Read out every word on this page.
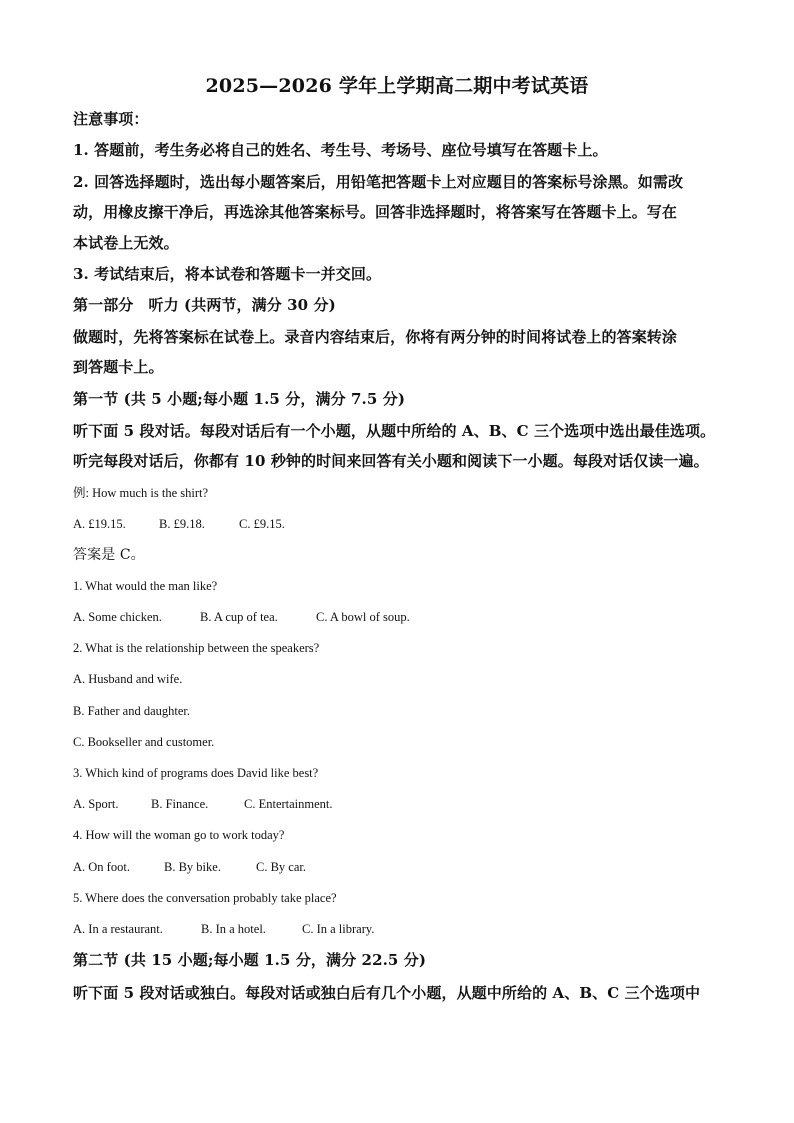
2025—2026 学年上学期高二期中考试英语
注意事项：
1. 答题前，考生务必将自己的姓名、考生号、考场号、座位号填写在答题卡上。
2. 回答选择题时，选出每小题答案后，用铅笔把答题卡上对应题目的答案标号涂黑。如需改
动，用橡皮擦干净后，再选涂其他答案标号。回答非选择题时，将答案写在答题卡上。写在
本试卷上无效。
3. 考试结束后，将本试卷和答题卡一并交回。
第一部分　听力 (共两节，满分 30 分)
做题时，先将答案标在试卷上。录音内容结束后，你将有两分钟的时间将试卷上的答案转涂
到答题卡上。
第一节 (共 5 小题;每小题 1.5 分，满分 7.5 分)
听下面 5 段对话。每段对话后有一个小题，从题中所给的 A、B、C 三个选项中选出最佳选项。
听完每段对话后，你都有 10 秒钟的时间来回答有关小题和阅读下一小题。每段对话仅读一遍。
例: How much is the shirt?
A. £19.15.	B. £9.18.	C. £9.15.
答案是 C。
1. What would the man like?
A. Some chicken.	B. A cup of tea.	C. A bowl of soup.
2. What is the relationship between the speakers?
A. Husband and wife.
B. Father and daughter.
C. Bookseller and customer.
3. Which kind of programs does David like best?
A. Sport.	B. Finance.	C. Entertainment.
4. How will the woman go to work today?
A. On foot.	B. By bike.	C. By car.
5. Where does the conversation probably take place?
A. In a restaurant.	B. In a hotel.	C. In a library.
第二节 (共 15 小题;每小题 1.5 分，满分 22.5 分)
听下面 5 段对话或独白。每段对话或独白后有几个小题，从题中所给的 A、B、C 三个选项中
